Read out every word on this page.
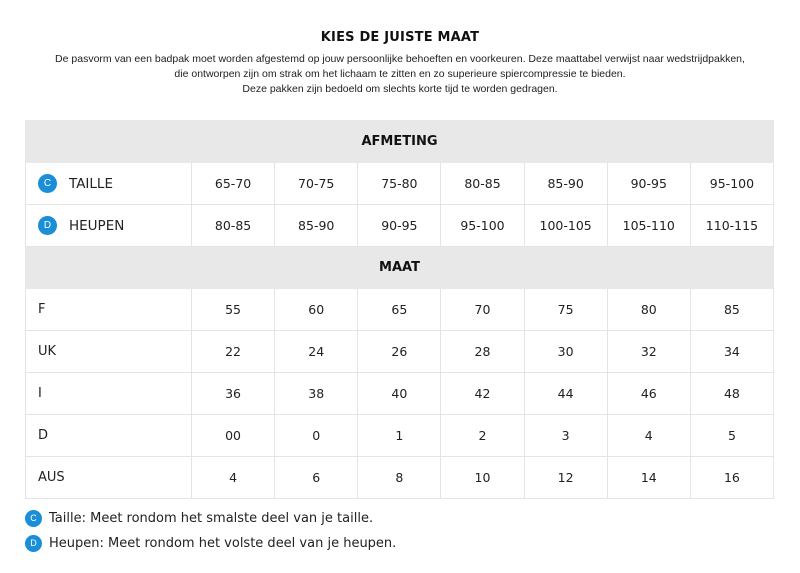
KIES DE JUISTE MAAT
De pasvorm van een badpak moet worden afgestemd op jouw persoonlijke behoeften en voorkeuren. Deze maattabel verwijst naar wedstrijdpakken,
die ontworpen zijn om strak om het lichaam te zitten en zo superieure spiercompressie te bieden.
Deze pakken zijn bedoeld om slechts korte tijd te worden gedragen.
AFMETING							
C TAILLE	65-70	70-75	75-80	80-85	85-90	90-95	95-100
D HEUPEN	80-85	85-90	90-95	95-100	100-105	105-110	110-115
MAAT							
F	55	60	65	70	75	80	85
UK	22	24	26	28	30	32	34
I	36	38	40	42	44	46	48
D	00	0	1	2	3	4	5
AUS	4	6	8	10	12	14	16
C Taille: Meet rondom het smalste deel van je taille.
D Heupen: Meet rondom het volste deel van je heupen.
